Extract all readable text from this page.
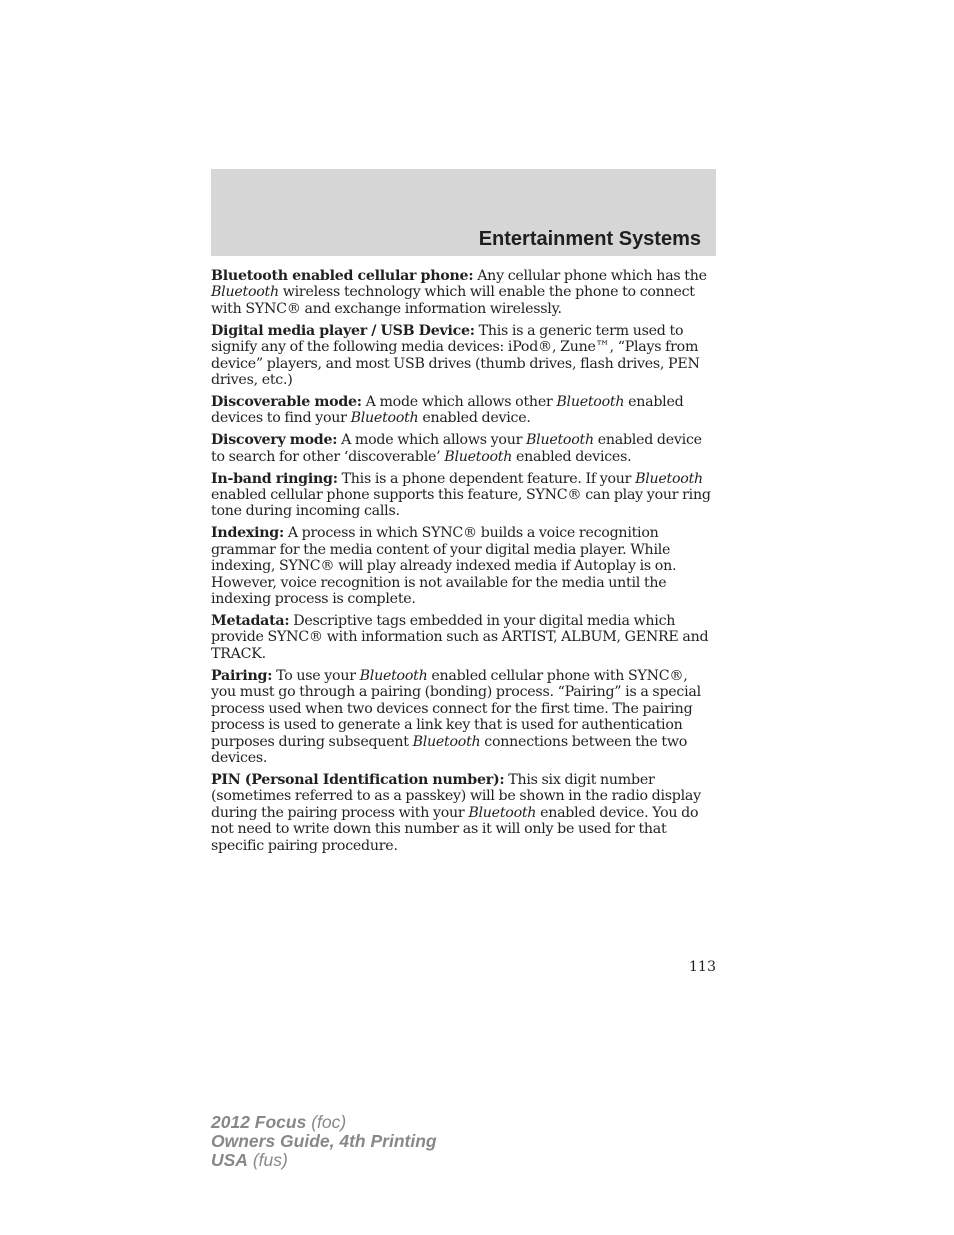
Entertainment Systems

Bluetooth enabled cellular phone: Any cellular phone which has the Bluetooth wireless technology which will enable the phone to connect with SYNC® and exchange information wirelessly.

Digital media player / USB Device: This is a generic term used to signify any of the following media devices: iPod®, Zune™, “Plays from device” players, and most USB drives (thumb drives, flash drives, PEN drives, etc.)

Discoverable mode: A mode which allows other Bluetooth enabled devices to find your Bluetooth enabled device.

Discovery mode: A mode which allows your Bluetooth enabled device to search for other ‘discoverable’ Bluetooth enabled devices.

In-band ringing: This is a phone dependent feature. If your Bluetooth enabled cellular phone supports this feature, SYNC® can play your ring tone during incoming calls.

Indexing: A process in which SYNC® builds a voice recognition grammar for the media content of your digital media player. While indexing, SYNC® will play already indexed media if Autoplay is on. However, voice recognition is not available for the media until the indexing process is complete.

Metadata: Descriptive tags embedded in your digital media which provide SYNC® with information such as ARTIST, ALBUM, GENRE and TRACK.

Pairing: To use your Bluetooth enabled cellular phone with SYNC®, you must go through a pairing (bonding) process. “Pairing” is a special process used when two devices connect for the first time. The pairing process is used to generate a link key that is used for authentication purposes during subsequent Bluetooth connections between the two devices.

PIN (Personal Identification number): This six digit number (sometimes referred to as a passkey) will be shown in the radio display during the pairing process with your Bluetooth enabled device. You do not need to write down this number as it will only be used for that specific pairing procedure.

113
2012 Focus (foc)
Owners Guide, 4th Printing
USA (fus)
